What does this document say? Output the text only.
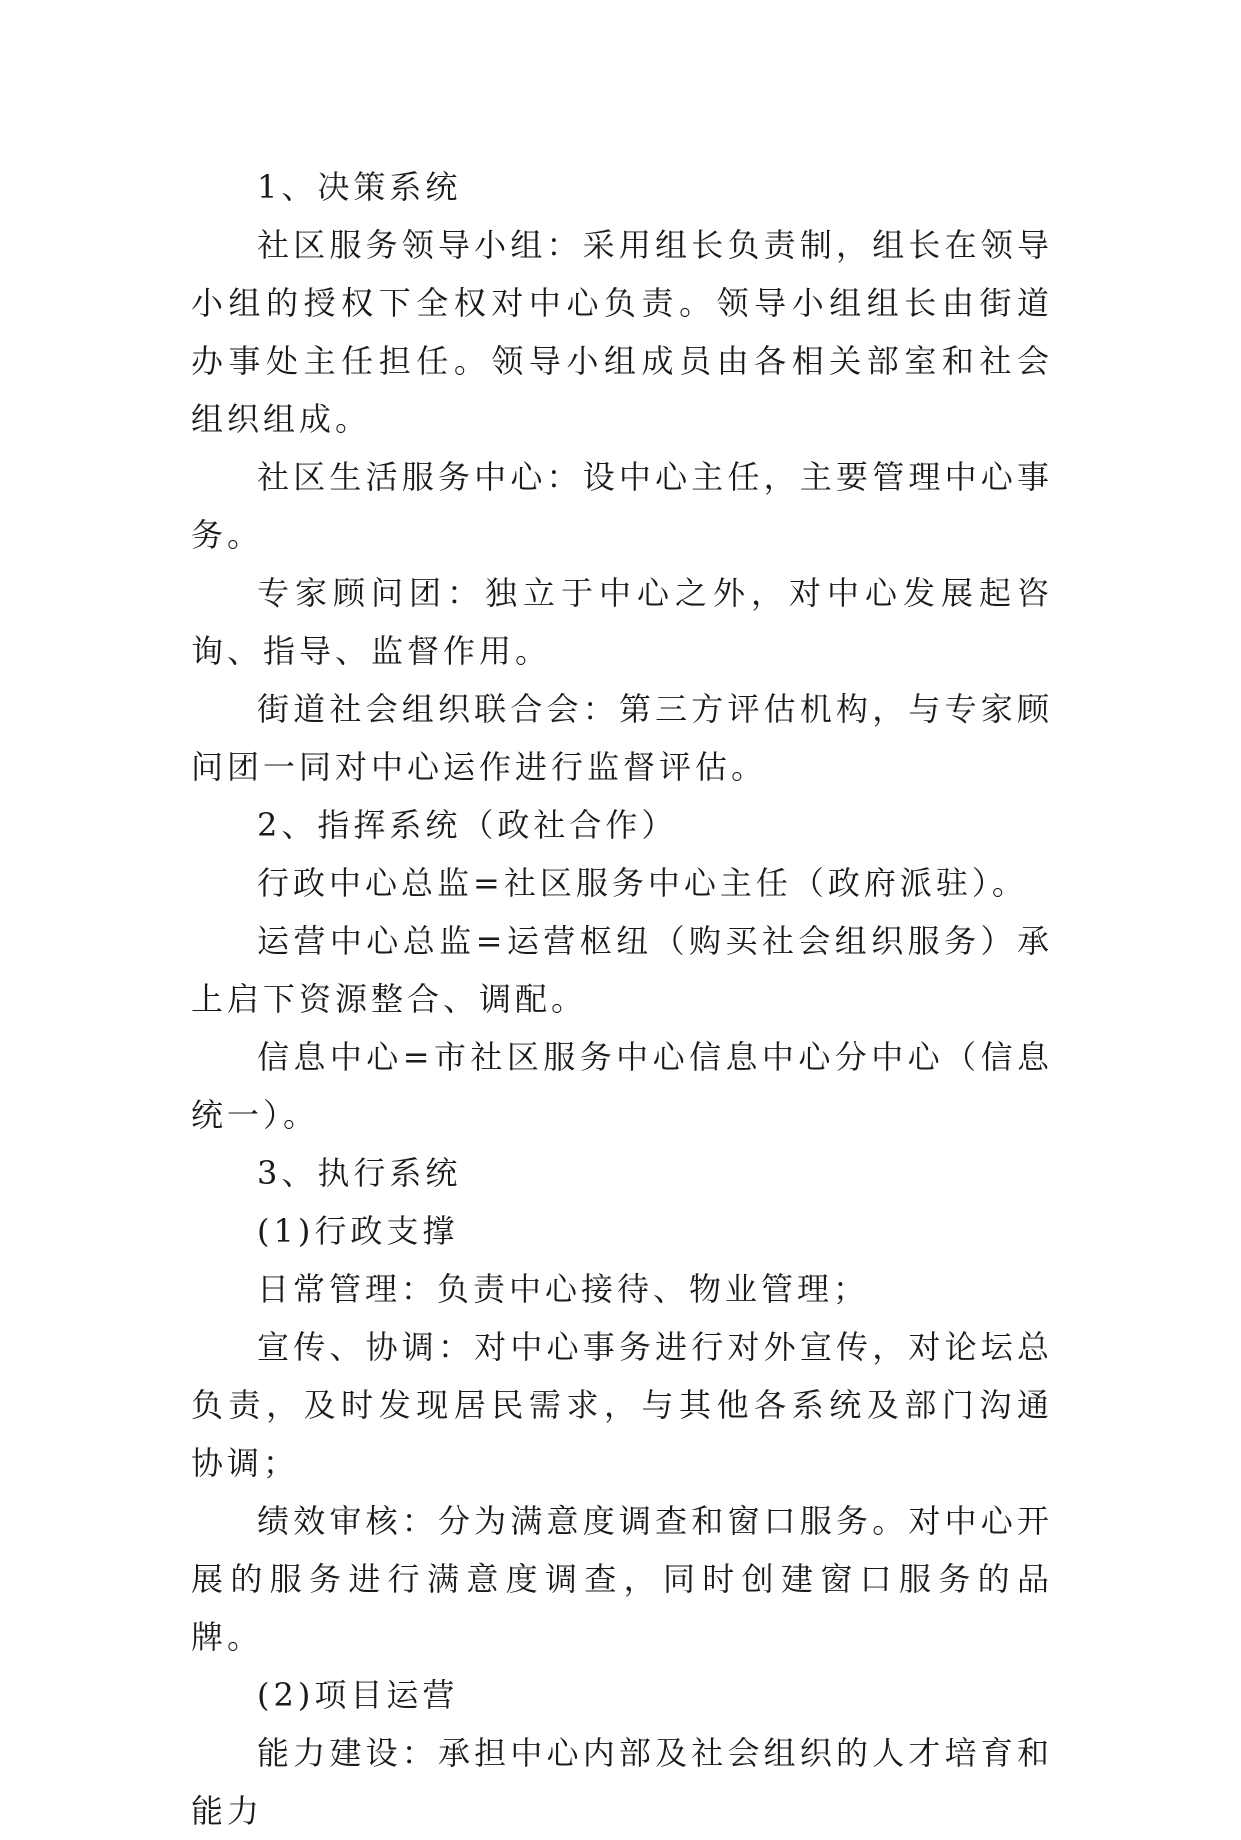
1、决策系统

社区服务领导小组：采用组长负责制，组长在领导小组的授权下全权对中心负责。领导小组组长由街道办事处主任担任。领导小组成员由各相关部室和社会组织组成。

社区生活服务中心：设中心主任，主要管理中心事务。

专家顾问团：独立于中心之外，对中心发展起咨询、指导、监督作用。

街道社会组织联合会：第三方评估机构，与专家顾问团一同对中心运作进行监督评估。

2、指挥系统（政社合作）

行政中心总监=社区服务中心主任（政府派驻）。

运营中心总监=运营枢纽（购买社会组织服务）承上启下资源整合、调配。

信息中心=市社区服务中心信息中心分中心（信息统一）。

3、执行系统

(1)行政支撑

日常管理：负责中心接待、物业管理；

宣传、协调：对中心事务进行对外宣传，对论坛总负责，及时发现居民需求，与其他各系统及部门沟通协调；

绩效审核：分为满意度调查和窗口服务。对中心开展的服务进行满意度调查，同时创建窗口服务的品牌。

(2)项目运营

能力建设：承担中心内部及社会组织的人才培育和能力
